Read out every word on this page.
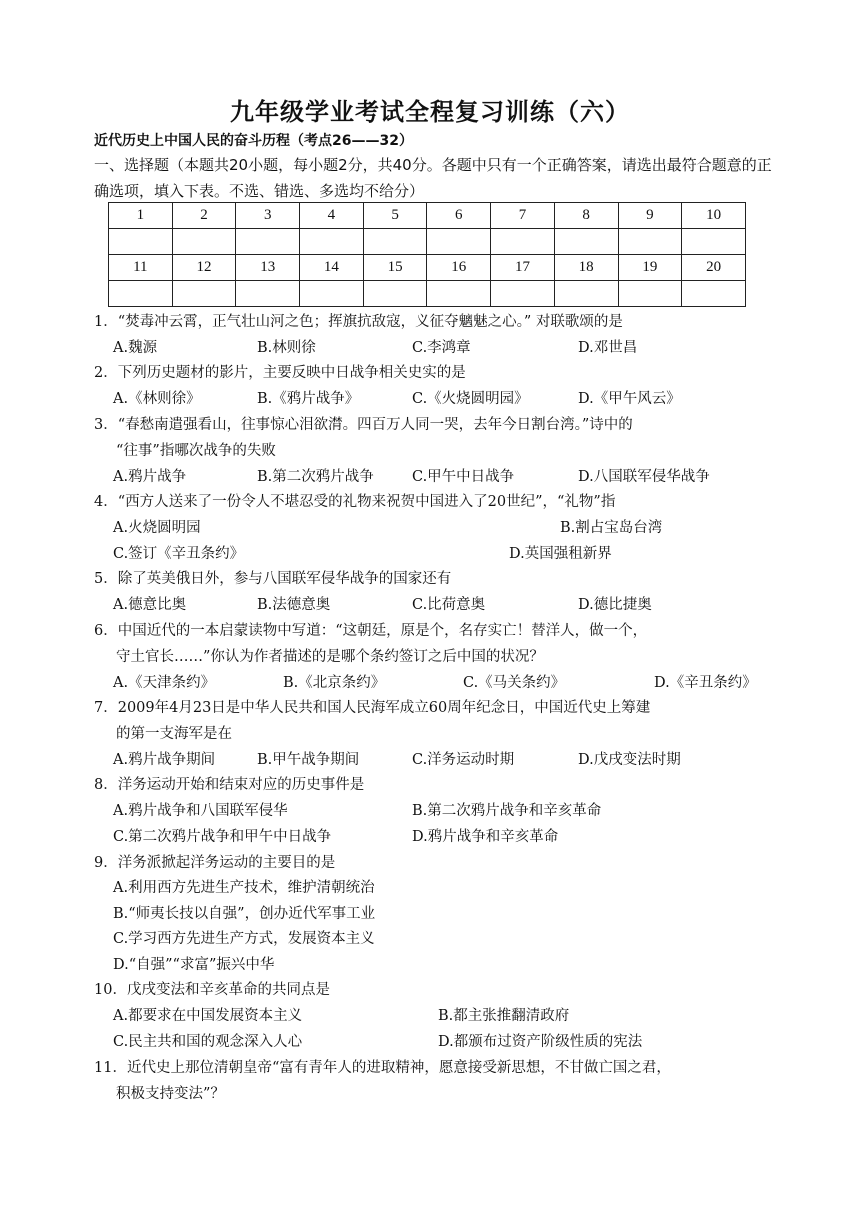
九年级学业考试全程复习训练（六）
近代历史上中国人民的奋斗历程（考点26——32）
一、选择题（本题共20小题，每小题2分，共40分。各题中只有一个正确答案，请选出最符合题意的正确选项，填入下表。不选、错选、多选均不给分）
1	2	3	4	5	6	7	8	9	10

11	12	13	14	15	16	17	18	19	20

1．“焚毒冲云霄，正气壮山河之色；挥旗抗敌寇，义征夺魑魅之心。” 对联歌颂的是
A.魏源	B.林则徐	C.李鸿章	D.邓世昌
2．下列历史题材的影片，主要反映中日战争相关史实的是
A.《林则徐》	B.《鸦片战争》	C.《火烧圆明园》	D.《甲午风云》
3．“春愁南遣强看山，往事惊心泪欲潸。四百万人同一哭，去年今日割台湾。”诗中的
“往事”指哪次战争的失败
A.鸦片战争	B.第二次鸦片战争	C.甲午中日战争	D.八国联军侵华战争
4．“西方人送来了一份令人不堪忍受的礼物来祝贺中国进入了20世纪”，“礼物”指
A.火烧圆明园	B.割占宝岛台湾
C.签订《辛丑条约》	D.英国强租新界
5．除了英美俄日外，参与八国联军侵华战争的国家还有
A.德意比奥	B.法德意奥	C.比荷意奥	D.德比捷奥
6．中国近代的一本启蒙读物中写道：“这朝廷，原是个，名存实亡！替洋人，做一个，
守土官长……”你认为作者描述的是哪个条约签订之后中国的状况？
A.《天津条约》	B.《北京条约》	C.《马关条约》	D.《辛丑条约》
7．2009年4月23日是中华人民共和国人民海军成立60周年纪念日，中国近代史上筹建
的第一支海军是在
A.鸦片战争期间	B.甲午战争期间	C.洋务运动时期	D.戊戌变法时期
8．洋务运动开始和结束对应的历史事件是
A.鸦片战争和八国联军侵华	B.第二次鸦片战争和辛亥革命
C.第二次鸦片战争和甲午中日战争	D.鸦片战争和辛亥革命
9．洋务派掀起洋务运动的主要目的是
A.利用西方先进生产技术，维护清朝统治
B.“师夷长技以自强”，创办近代军事工业
C.学习西方先进生产方式，发展资本主义
D.“自强”“求富”振兴中华
10．戊戌变法和辛亥革命的共同点是
A.都要求在中国发展资本主义	B.都主张推翻清政府
C.民主共和国的观念深入人心	D.都颁布过资产阶级性质的宪法
11．近代史上那位清朝皇帝“富有青年人的进取精神，愿意接受新思想，不甘做亡国之君，
积极支持变法”？
